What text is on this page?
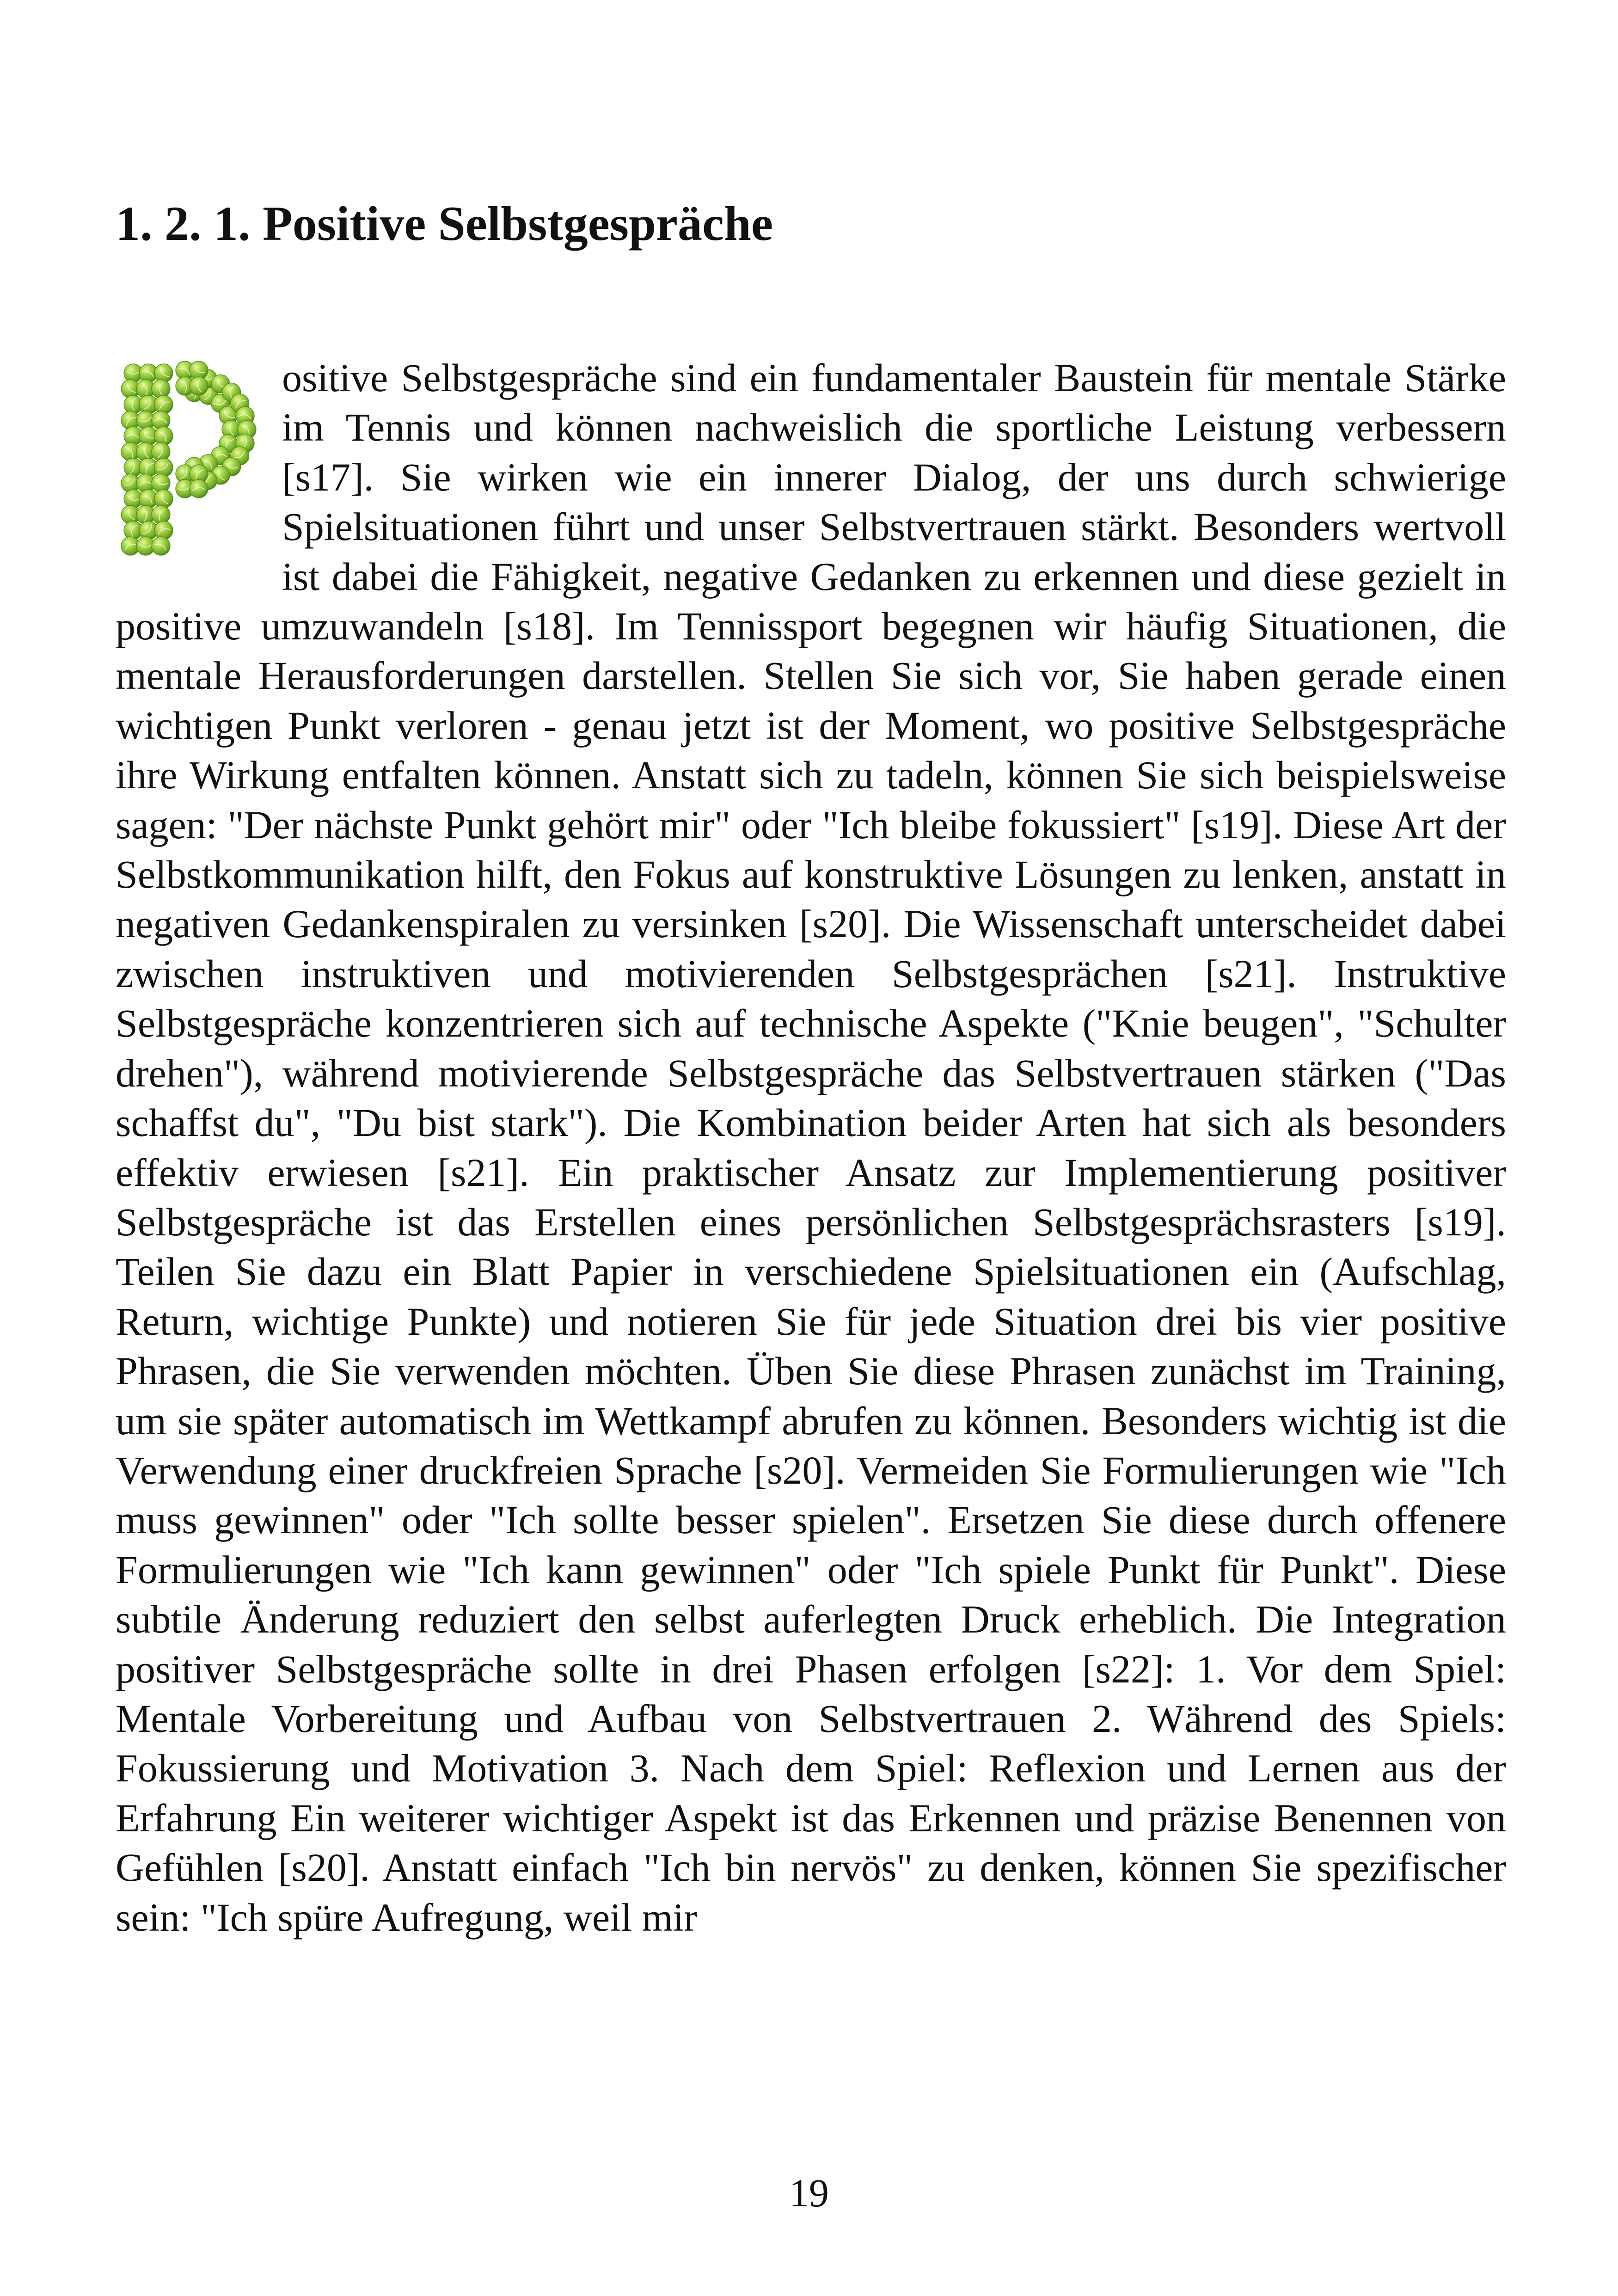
1. 2. 1. Positive Selbstgespräche

ositive Selbstgespräche sind ein fundamentaler Baustein für mentale Stärke im Tennis und können nachweislich die sportliche Leistung verbessern [s17]. Sie wirken wie ein innerer Dialog, der uns durch schwierige Spielsituationen führt und unser Selbstvertrauen stärkt. Besonders wertvoll ist dabei die Fähigkeit, negative Gedanken zu erkennen und diese gezielt in positive umzuwandeln [s18]. Im Tennissport begegnen wir häufig Situationen, die mentale Herausforderungen darstellen. Stellen Sie sich vor, Sie haben gerade einen wichtigen Punkt verloren - genau jetzt ist der Moment, wo positive Selbstgespräche ihre Wirkung entfalten können. Anstatt sich zu tadeln, können Sie sich beispielsweise sagen: "Der nächste Punkt gehört mir" oder "Ich bleibe fokussiert" [s19]. Diese Art der Selbstkommunikation hilft, den Fokus auf konstruktive Lösungen zu lenken, anstatt in negativen Gedankenspiralen zu versinken [s20]. Die Wissenschaft unterscheidet dabei zwischen instruktiven und motivierenden Selbstgesprächen [s21]. Instruktive Selbstgespräche konzentrieren sich auf technische Aspekte ("Knie beugen", "Schulter drehen"), während motivierende Selbstgespräche das Selbstvertrauen stärken ("Das schaffst du", "Du bist stark"). Die Kombination beider Arten hat sich als besonders effektiv erwiesen [s21]. Ein praktischer Ansatz zur Implementierung positiver Selbstgespräche ist das Erstellen eines persönlichen Selbstgesprächsrasters [s19]. Teilen Sie dazu ein Blatt Papier in verschiedene Spielsituationen ein (Aufschlag, Return, wichtige Punkte) und notieren Sie für jede Situation drei bis vier positive Phrasen, die Sie verwenden möchten. Üben Sie diese Phrasen zunächst im Training, um sie später automatisch im Wettkampf abrufen zu können. Besonders wichtig ist die Verwendung einer druckfreien Sprache [s20]. Vermeiden Sie Formulierungen wie "Ich muss gewinnen" oder "Ich sollte besser spielen". Ersetzen Sie diese durch offenere Formulierungen wie "Ich kann gewinnen" oder "Ich spiele Punkt für Punkt". Diese subtile Änderung reduziert den selbst auferlegten Druck erheblich. Die Integration positiver Selbstgespräche sollte in drei Phasen erfolgen [s22]: 1. Vor dem Spiel: Mentale Vorbereitung und Aufbau von Selbstvertrauen 2. Während des Spiels: Fokussierung und Motivation 3. Nach dem Spiel: Reflexion und Lernen aus der Erfahrung Ein weiterer wichtiger Aspekt ist das Erkennen und präzise Benennen von Gefühlen [s20]. Anstatt einfach "Ich bin nervös" zu denken, können Sie spezifischer sein: "Ich spüre Aufregung, weil mir

19
